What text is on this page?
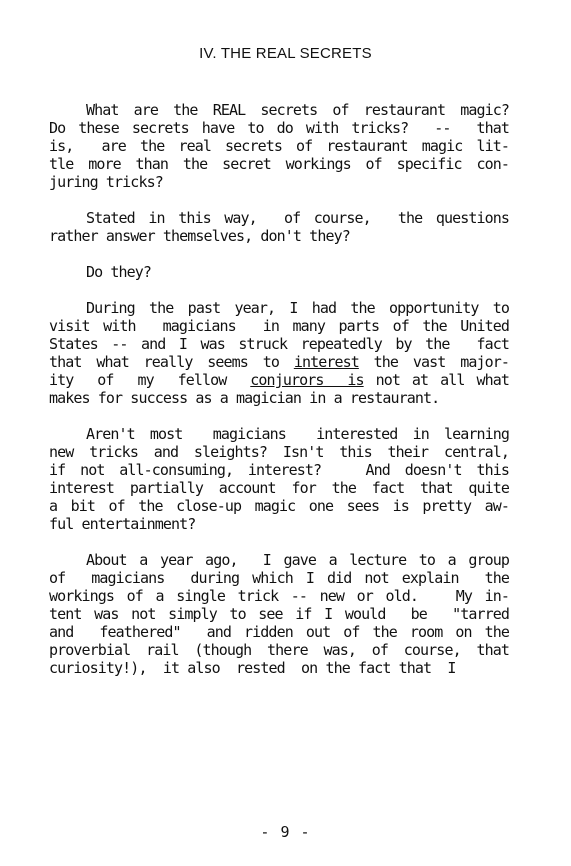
IV. THE REAL SECRETS
What are the REAL secrets of restaurant magic?
Do these secrets have to do with tricks?  --  that
is,  are the real secrets of restaurant magic lit-
tle more than the secret workings of specific con-
juring tricks?
Stated in this way,  of course,  the questions
rather answer themselves, don't they?
Do they?
During the past year, I had the opportunity to
visit with  magicians  in many parts of the United
States -- and I was struck repeatedly by the  fact
that what really seems to interest the vast major-
ity  of  my  fellow  conjurors  is not at all what
makes for success as a magician in a restaurant.
Aren't most  magicians  interested in learning
new tricks and sleights? Isn't this their central,
if not all-consuming, interest?   And doesn't this
interest partially account for the fact that quite
a bit of the close-up magic one sees is pretty aw-
ful entertainment?
About a year ago,  I gave a lecture to a group
of  magicians  during which I did not explain  the
workings of a single trick -- new or old.   My in-
tent was not simply to see if I would  be  "tarred
and  feathered"  and ridden out of the room on the
proverbial rail (though there was, of course, that
curiosity!),  it also  rested  on the fact that  I
- 9 -
